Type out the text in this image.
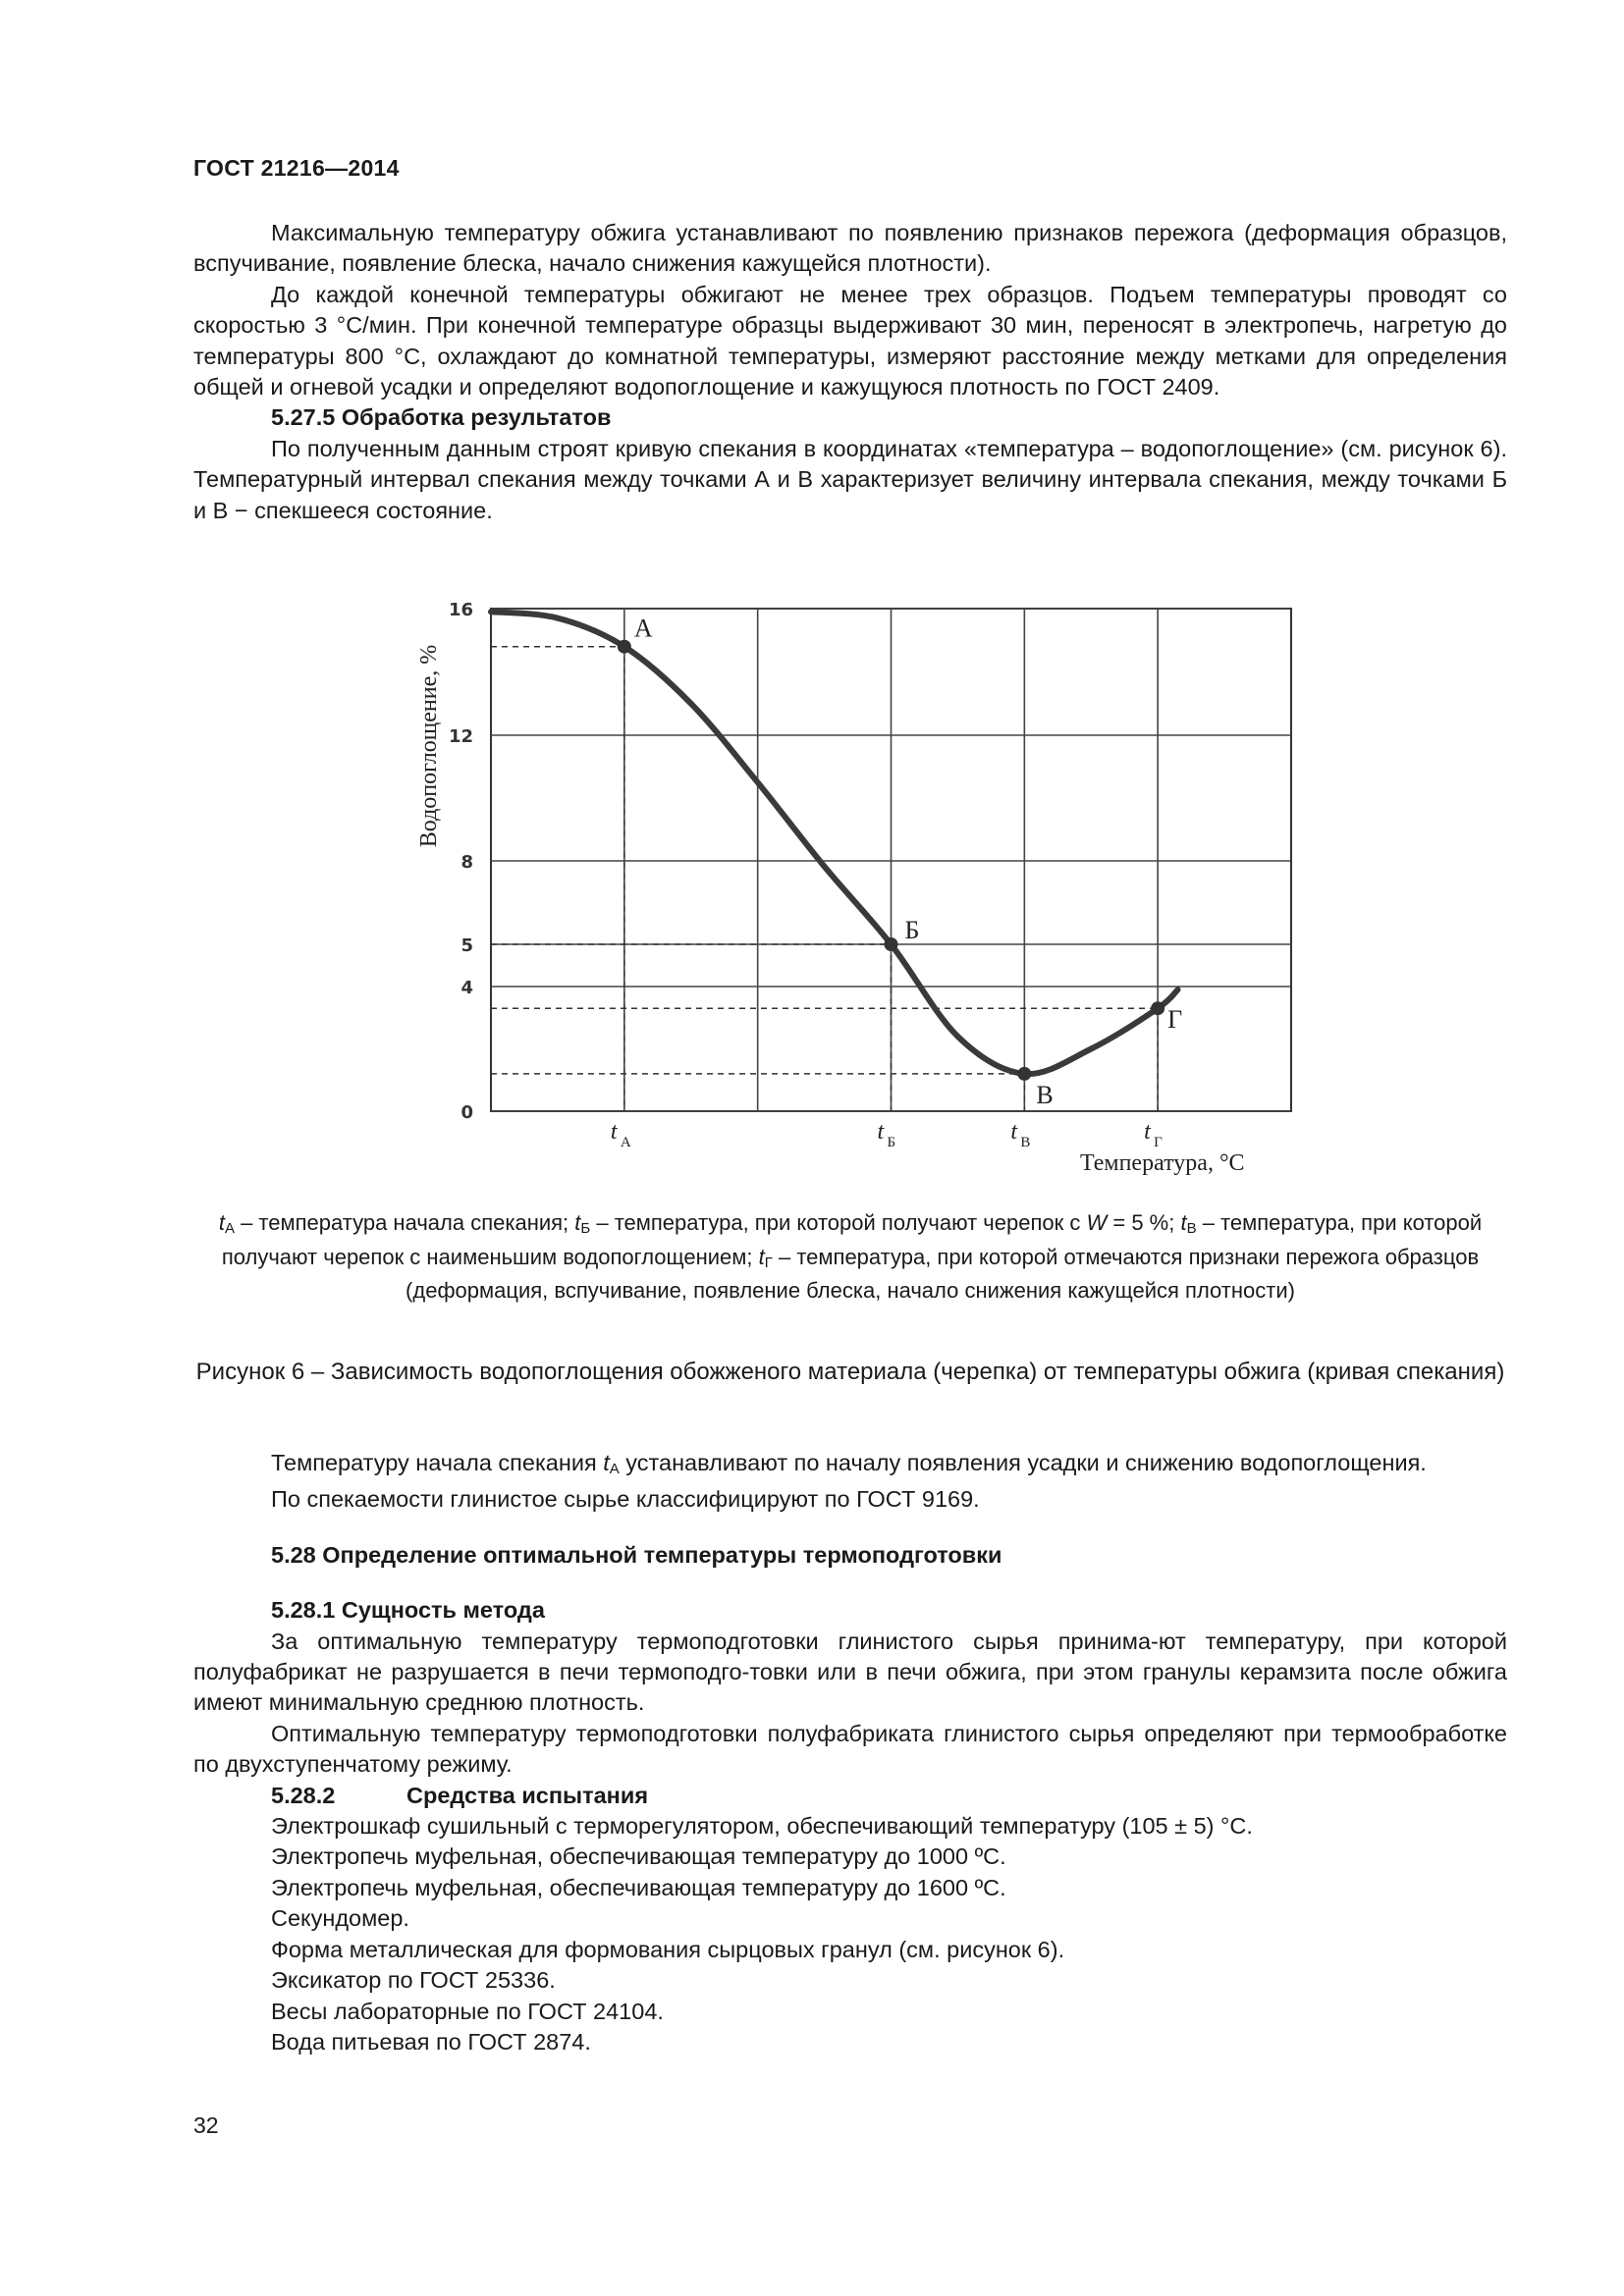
ГОСТ 21216—2014

Максимальную температуру обжига устанавливают по появлению признаков пережога (деформация образцов, вспучивание, появление блеска, начало снижения кажущейся плотности).

До каждой конечной температуры обжигают не менее трех образцов. Подъем температуры проводят со скоростью 3 °С/мин. При конечной температуре образцы выдерживают 30 мин, переносят в электропечь, нагретую до температуры 800 °С, охлаждают до комнатной температуры, измеряют расстояние между метками для определения общей и огневой усадки и определяют водопоглощение и кажущуюся плотность по ГОСТ 2409.

5.27.5 Обработка результатов

По полученным данным строят кривую спекания в координатах «температура – водопоглощение» (см. рисунок 6). Температурный интервал спекания между точками А и В характеризует величину интервала спекания, между точками Б и В − спекшееся состояние.

16
12
8
5
4
0
А
Б
В
Г
t А	t Б	t В	t Г
Водопоглощение, %
Температура, °С
tА – температура начала спекания; tБ – температура, при которой получают черепок с W = 5 %; tВ – температура, при которой получают черепок с наименьшим водопоглощением; tГ – температура, при которой отмечаются признаки пережога образцов (деформация, вспучивание, появление блеска, начало снижения кажущейся плотности)
Рисунок 6 – Зависимость водопоглощения обожженого материала (черепка) от температуры обжига (кривая спекания)

Температуру начала спекания tА устанавливают по началу появления усадки и снижению водопоглощения.

По спекаемости глинистое сырье классифицируют по ГОСТ 9169.

5.28 Определение оптимальной температуры термоподготовки

5.28.1 Сущность метода

За оптимальную температуру термоподготовки глинистого сырья принима-ют температуру, при которой полуфабрикат не разрушается в печи термоподго-товки или в печи обжига, при этом гранулы керамзита после обжига имеют минимальную среднюю плотность.

Оптимальную температуру термоподготовки полуфабриката глинистого сырья определяют при термообработке по двухступенчатому режиму.

5.28.2	Средства испытания

Электрошкаф сушильный с терморегулятором, обеспечивающий температуру (105 ± 5) °С.

Электропечь муфельная, обеспечивающая температуру до 1000 ºС.

Электропечь муфельная, обеспечивающая температуру до 1600 ºС.

Секундомер.

Форма металлическая для формования сырцовых гранул (см. рисунок 6).

Эксикатор по ГОСТ 25336.

Весы лабораторные по ГОСТ 24104.

Вода питьевая по ГОСТ 2874.

32
